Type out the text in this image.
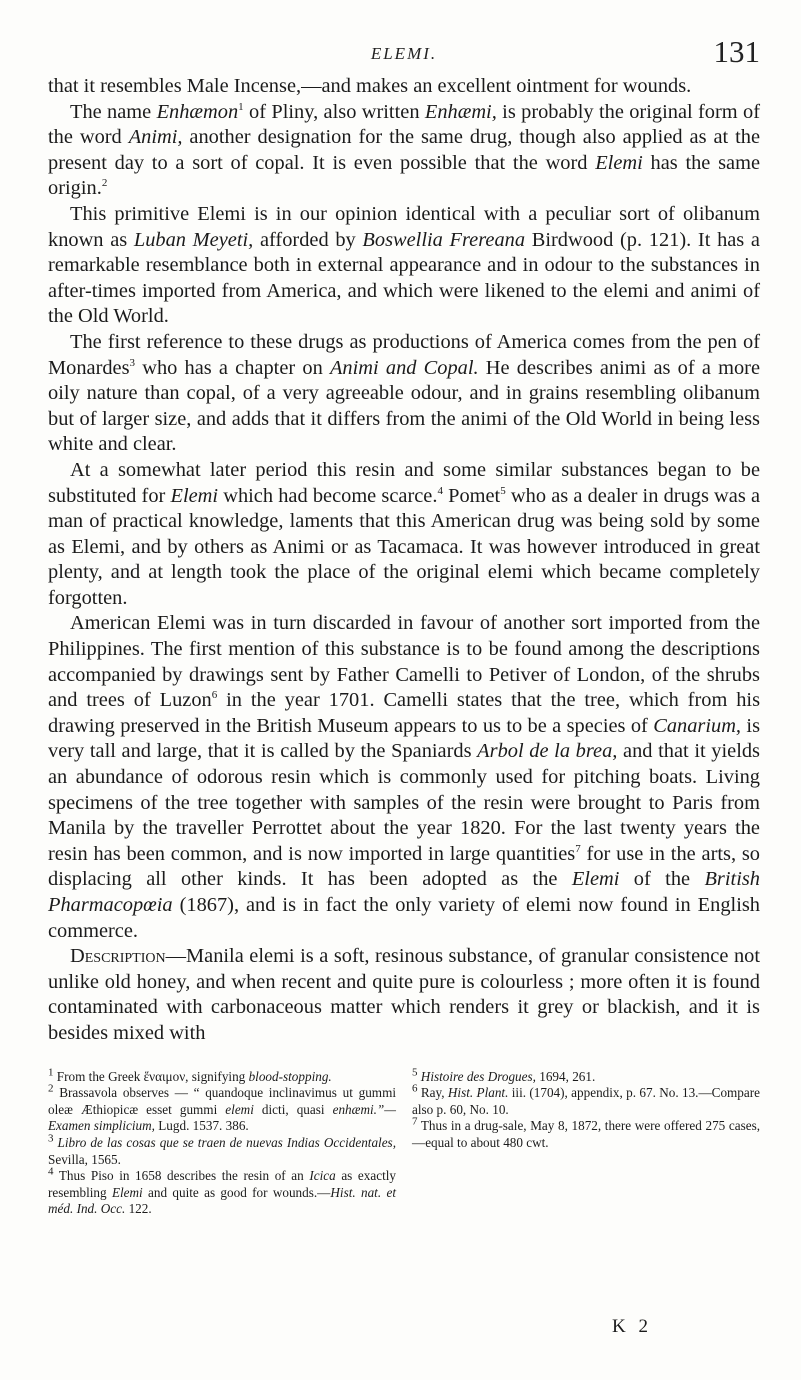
ELEMI.	131

that it resembles Male Incense,—and makes an excellent ointment for wounds.

The name Enhæmon$^1$ of Pliny, also written Enhæmi, is probably the original form of the word Animi, another designation for the same drug, though also applied as at the present day to a sort of copal. It is even possible that the word Elemi has the same origin.$^2$

This primitive Elemi is in our opinion identical with a peculiar sort of olibanum known as Luban Meyeti, afforded by Boswellia Frereana Birdwood (p. 121). It has a remarkable resemblance both in external appearance and in odour to the substances in after-times imported from America, and which were likened to the elemi and animi of the Old World.

The first reference to these drugs as productions of America comes from the pen of Monardes$^3$ who has a chapter on Animi and Copal. He describes animi as of a more oily nature than copal, of a very agreeable odour, and in grains resembling olibanum but of larger size, and adds that it differs from the animi of the Old World in being less white and clear.

At a somewhat later period this resin and some similar substances began to be substituted for Elemi which had become scarce.$^4$ Pomet$^5$ who as a dealer in drugs was a man of practical knowledge, laments that this American drug was being sold by some as Elemi, and by others as Animi or as Tacamaca. It was however introduced in great plenty, and at length took the place of the original elemi which became completely forgotten.

American Elemi was in turn discarded in favour of another sort imported from the Philippines. The first mention of this substance is to be found among the descriptions accompanied by drawings sent by Father Camelli to Petiver of London, of the shrubs and trees of Luzon$^6$ in the year 1701. Camelli states that the tree, which from his drawing preserved in the British Museum appears to us to be a species of Canarium, is very tall and large, that it is called by the Spaniards Arbol de la brea, and that it yields an abundance of odorous resin which is commonly used for pitching boats. Living specimens of the tree together with samples of the resin were brought to Paris from Manila by the traveller Perrottet about the year 1820. For the last twenty years the resin has been common, and is now imported in large quantities$^7$ for use in the arts, so displacing all other kinds. It has been adopted as the Elemi of the British Pharmacopœia (1867), and is in fact the only variety of elemi now found in English commerce.

Description—Manila elemi is a soft, resinous substance, of granular consistence not unlike old honey, and when recent and quite pure is colourless ; more often it is found contaminated with carbonaceous matter which renders it grey or blackish, and it is besides mixed with

$^1$ From the Greek ἕναιμον, signifying blood-stopping.

$^2$ Brassavola observes — “ quandoque inclinavimus ut gummi oleæ Æthiopicæ esset gummi elemi dicti, quasi enhæmi.”—Examen simplicium, Lugd. 1537. 386.

$^3$ Libro de las cosas que se traen de nuevas Indias Occidentales, Sevilla, 1565.

$^4$ Thus Piso in 1658 describes the resin of an Icica as exactly resembling Elemi and quite as good for wounds.—Hist. nat. et méd. Ind. Occ. 122.

$^5$ Histoire des Drogues, 1694, 261.

$^6$ Ray, Hist. Plant. iii. (1704), appendix, p. 67. No. 13.—Compare also p. 60, No. 10.

$^7$ Thus in a drug-sale, May 8, 1872, there were offered 275 cases,—equal to about 480 cwt.

K 2
